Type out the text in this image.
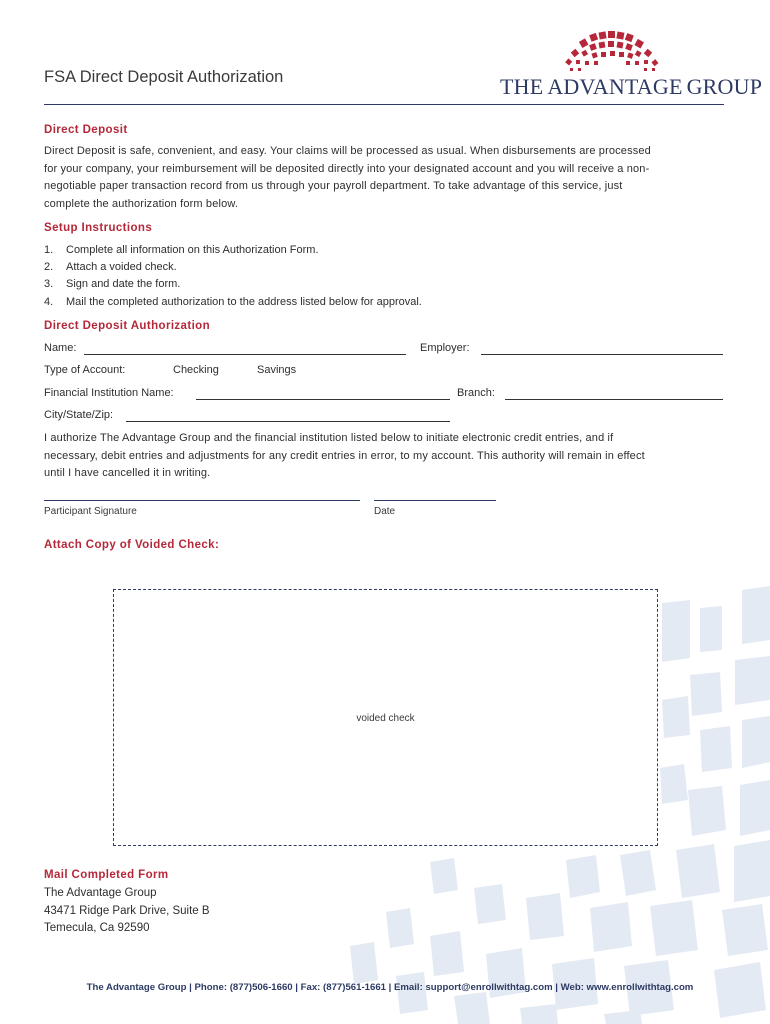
FSA Direct Deposit Authorization	THE ADVANTAGE GROUP
Direct Deposit
Direct Deposit is safe, convenient, and easy. Your claims will be processed as usual. When disbursements are processed
for your company, your reimbursement will be deposited directly into your designated account and you will receive a non-
negotiable paper transaction record from us through your payroll department. To take advantage of this service, just
complete the authorization form below.
Setup Instructions
1.	Complete all information on this Authorization Form.
2.	Attach a voided check.
3.	Sign and date the form.
4.	Mail the completed authorization to the address listed below for approval.
Direct Deposit Authorization
Name:	Employer:
Type of Account:	Checking	Savings
Financial Institution Name:	Branch:
City/State/Zip:
I authorize The Advantage Group and the financial institution listed below to initiate electronic credit entries, and if
necessary, debit entries and adjustments for any credit entries in error, to my account. This authority will remain in effect
until I have cancelled it in writing.
Participant Signature	Date
Attach Copy of Voided Check:
voided check
Mail Completed Form
The Advantage Group
43471 Ridge Park Drive, Suite B
Temecula, Ca 92590
The Advantage Group | Phone: (877)506-1660 | Fax: (877)561-1661 | Email: support@enrollwithtag.com | Web: www.enrollwithtag.com
